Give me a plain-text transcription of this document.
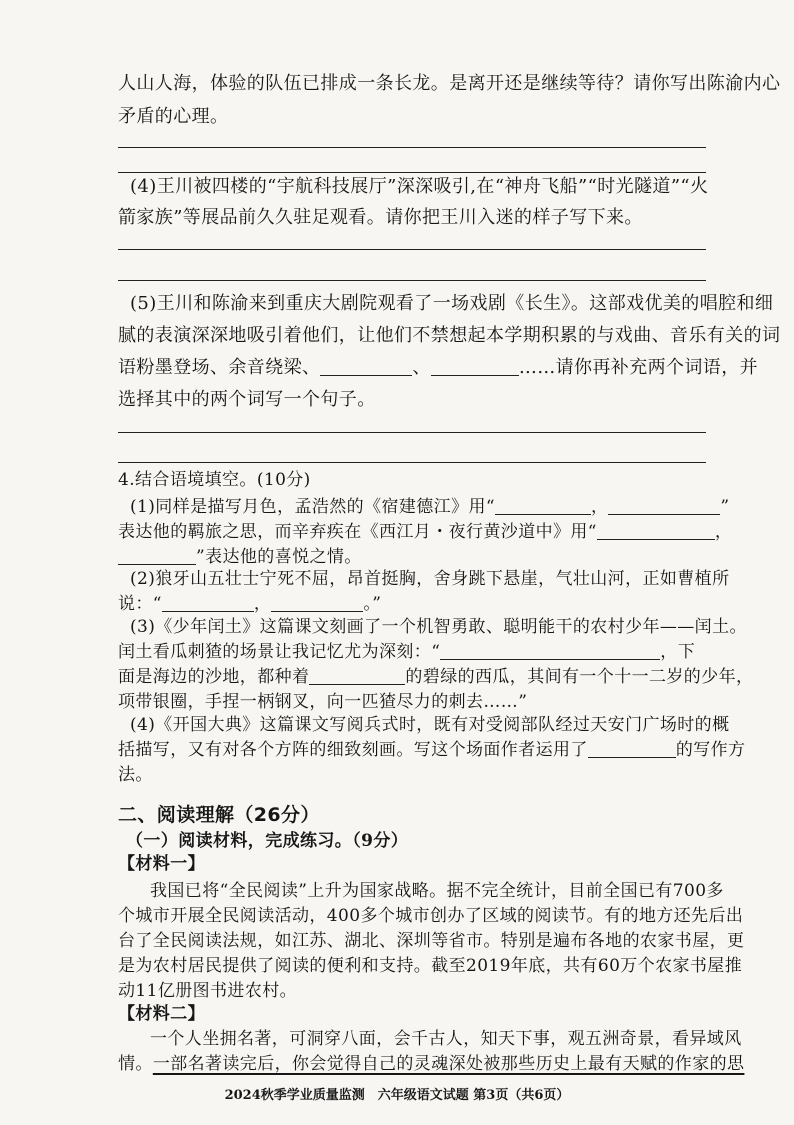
人山人海，体验的队伍已排成一条长龙。是离开还是继续等待？请你写出陈渝内心
矛盾的心理。
(4)王川被四楼的“宇航科技展厅”深深吸引,在“神舟飞船”“时光隧道”“火
箭家族”等展品前久久驻足观看。请你把王川入迷的样子写下来。
(5)王川和陈渝来到重庆大剧院观看了一场戏剧《长生》。这部戏优美的唱腔和细
腻的表演深深地吸引着他们，让他们不禁想起本学期积累的与戏曲、音乐有关的词
语粉墨登场、余音绕梁、	、	……请你再补充两个词语，并
选择其中的两个词写一个句子。
4.结合语境填空。(10分)
(1)同样是描写月色，孟浩然的《宿建德江》用“	，	”
表达他的羁旅之思，而辛弃疾在《西江月・夜行黄沙道中》用“	，
”表达他的喜悦之情。
(2)狼牙山五壮士宁死不屈，昂首挺胸，舍身跳下悬崖，气壮山河，正如曹植所
说：“	，	。”
(3)《少年闰土》这篇课文刻画了一个机智勇敢、聪明能干的农村少年——闰土。
闰土看瓜刺猹的场景让我记忆尤为深刻：“	，下
面是海边的沙地，都种着	的碧绿的西瓜，其间有一个十一二岁的少年，
项带银圈，手捏一柄钢叉，向一匹猹尽力的刺去……”
(4)《开国大典》这篇课文写阅兵式时，既有对受阅部队经过天安门广场时的概
括描写，又有对各个方阵的细致刻画。写这个场面作者运用了	的写作方
法。
二、阅读理解（26分）
（一）阅读材料，完成练习。（9分）
【材料一】
我国已将“全民阅读”上升为国家战略。据不完全统计，目前全国已有700多
个城市开展全民阅读活动，400多个城市创办了区域的阅读节。有的地方还先后出
台了全民阅读法规，如江苏、湖北、深圳等省市。特别是遍布各地的农家书屋，更
是为农村居民提供了阅读的便利和支持。截至2019年底，共有60万个农家书屋推
动11亿册图书进农村。
【材料二】
一个人坐拥名著，可洞穿八面，会千古人，知天下事，观五洲奇景，看异域风
情。一部名著读完后，你会觉得自己的灵魂深处被那些历史上最有天赋的作家的思
2024秋季学业质量监测　六年级语文试题 第3页（共6页）
